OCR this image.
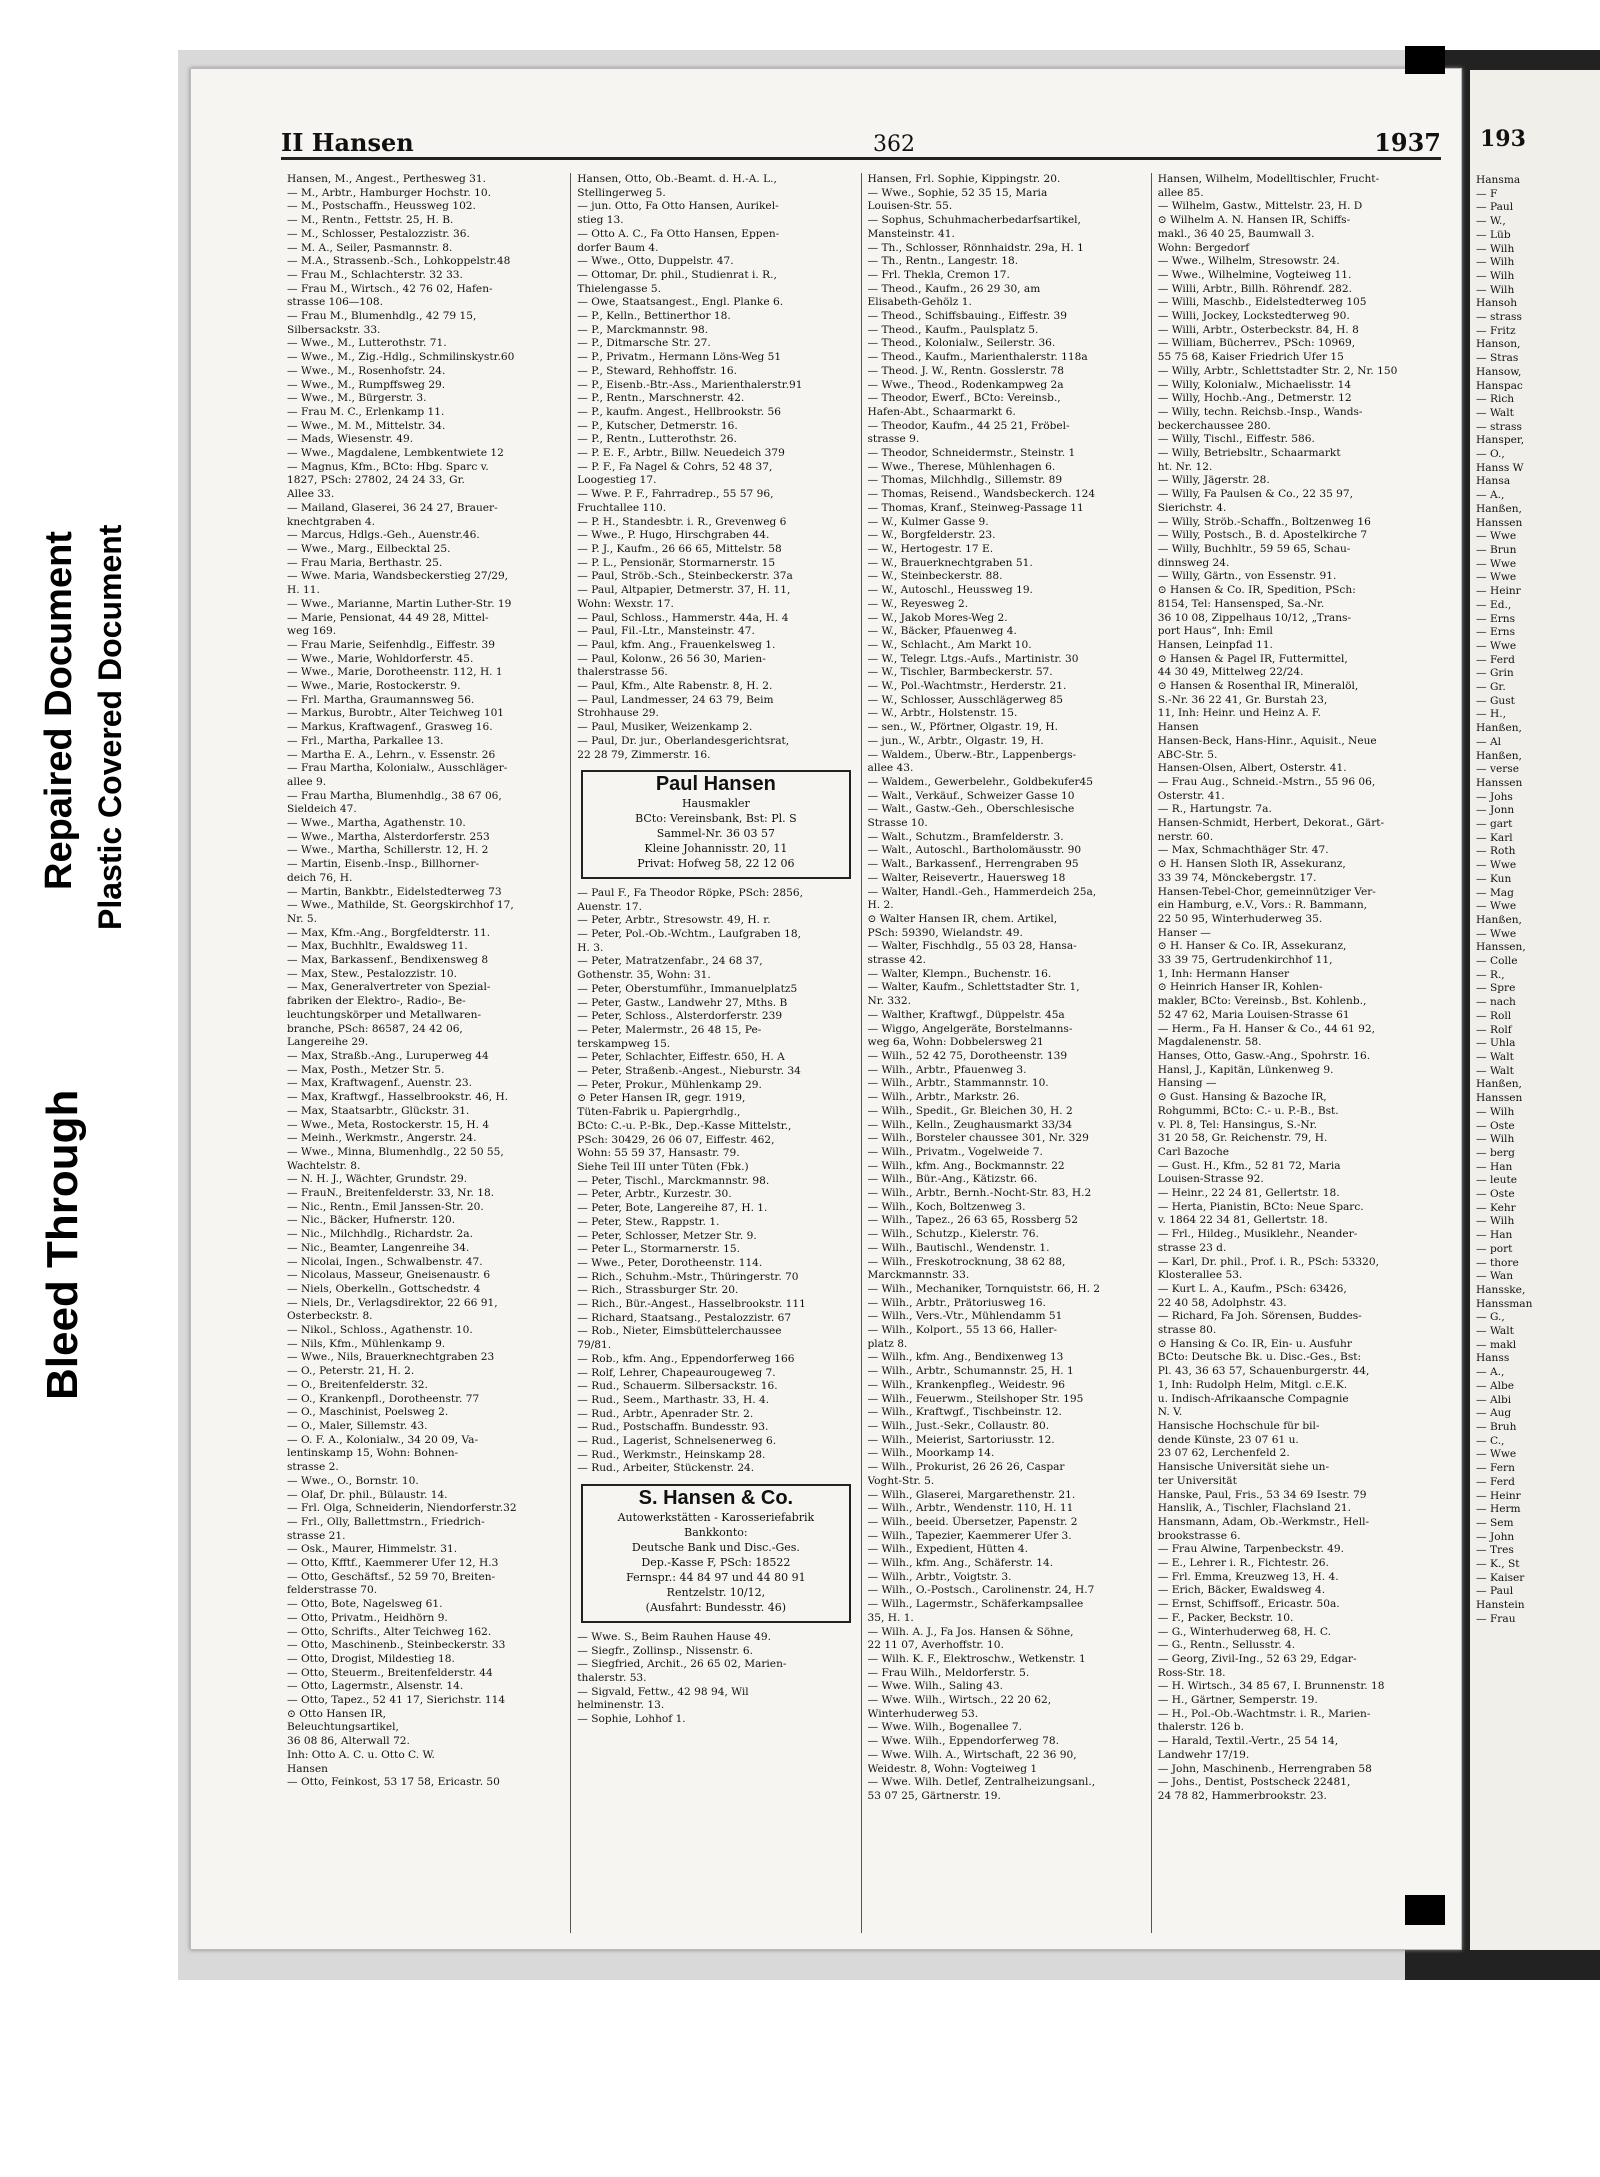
Bleed Through
Repaired Document Plastic Covered Document
193
Hansma
— F
— Paul
— W.,
— Lüb
— Wilh
— Wilh
— Wilh
— Wilh
Hansoh
— strass
— Fritz
Hanson,
— Stras
Hansow,
Hanspac
— Rich
— Walt
— strass
Hansper,
— O.,
Hanss W
Hansa
— A.,
Hanßen,
Hanssen
— Wwe
— Brun
— Wwe
— Wwe
— Heinr
— Ed.,
— Erns
— Erns
— Wwe
— Ferd
— Grin
— Gr.
— Gust
— H.,
Hanßen,
— Al
Hanßen,
— verse
Hanssen
— Johs
— Jonn
— gart
— Karl
— Roth
— Wwe
— Kun
— Mag
— Wwe
Hanßen,
— Wwe
Hanssen,
— Colle
— R.,
— Spre
— nach
— Roll
— Rolf
— Uhla
— Walt
— Walt
Hanßen,
Hanssen
— Wilh
— Oste
— Wilh
— berg
— Han
— leute
— Oste
— Kehr
— Wilh
— Han
— port
— thore
— Wan
Hansske,
Hanssman
— G.,
— Walt
— makl
Hanss
— A.,
— Albe
— Albi
— Aug
— Bruh
— C.,
— Wwe
— Fern
— Ferd
— Heinr
— Herm
— Sem
— John
— Tres
— K., St
— Kaiser
— Paul
Hanstein
— Frau
II Hansen	362	1937
Hansen, M., Angest., Perthesweg 31.
— M., Arbtr., Hamburger Hochstr. 10.
— M., Postschaffn., Heussweg 102.
— M., Rentn., Fettstr. 25, H. B.
— M., Schlosser, Pestalozzistr. 36.
— M. A., Seiler, Pasmannstr. 8.
— M.A., Strassenb.-Sch., Lohkoppelstr.48
— Frau M., Schlachterstr. 32 33.
— Frau M., Wirtsch., 42 76 02, Hafen-
strasse 106—108.
— Frau M., Blumenhdlg., 42 79 15,
Silbersackstr. 33.
— Wwe., M., Lutterothstr. 71.
— Wwe., M., Zig.-Hdlg., Schmilinskystr.60
— Wwe., M., Rosenhofstr. 24.
— Wwe., M., Rumpffsweg 29.
— Wwe., M., Bürgerstr. 3.
— Frau M. C., Erlenkamp 11.
— Wwe., M. M., Mittelstr. 34.
— Mads, Wiesenstr. 49.
— Wwe., Magdalene, Lembkentwiete 12
— Magnus, Kfm., BCto: Hbg. Sparc v.
1827, PSch: 27802, 24 24 33, Gr.
Allee 33.
— Mailand, Glaserei, 36 24 27, Brauer-
knechtgraben 4.
— Marcus, Hdlgs.-Geh., Auenstr.46.
— Wwe., Marg., Eilbecktal 25.
— Frau Maria, Berthastr. 25.
— Wwe. Maria, Wandsbeckerstieg 27/29,
H. 11.
— Wwe., Marianne, Martin Luther-Str. 19
— Marie, Pensionat, 44 49 28, Mittel-
weg 169.
— Frau Marie, Seifenhdlg., Eiffestr. 39
— Wwe., Marie, Wohldorferstr. 45.
— Wwe., Marie, Dorotheenstr. 112, H. 1
— Wwe., Marie, Rostockerstr. 9.
— Frl. Martha, Graumannsweg 56.
— Markus, Burobtr., Alter Teichweg 101
— Markus, Kraftwagenf., Grasweg 16.
— Frl., Martha, Parkallee 13.
— Martha E. A., Lehrn., v. Essenstr. 26
— Frau Martha, Kolonialw., Ausschläger-
allee 9.
— Frau Martha, Blumenhdlg., 38 67 06,
Sieldeich 47.
— Wwe., Martha, Agathenstr. 10.
— Wwe., Martha, Alsterdorferstr. 253
— Wwe., Martha, Schillerstr. 12, H. 2
— Martin, Eisenb.-Insp., Billhorner-
deich 76, H.
— Martin, Bankbtr., Eidelstedterweg 73
— Wwe., Mathilde, St. Georgskirchhof 17,
Nr. 5.
— Max, Kfm.-Ang., Borgfeldterstr. 11.
— Max, Buchhltr., Ewaldsweg 11.
— Max, Barkassenf., Bendixensweg 8
— Max, Stew., Pestalozzistr. 10.
— Max, Generalvertreter von Spezial-
fabriken der Elektro-, Radio-, Be-
leuchtungskörper und Metallwaren-
branche, PSch: 86587, 24 42 06,
Langereihe 29.
— Max, Straßb.-Ang., Luruperweg 44
— Max, Posth., Metzer Str. 5.
— Max, Kraftwagenf., Auenstr. 23.
— Max, Kraftwgf., Hasselbrookstr. 46, H.
— Max, Staatsarbtr., Glückstr. 31.
— Wwe., Meta, Rostockerstr. 15, H. 4
— Meinh., Werkmstr., Angerstr. 24.
— Wwe., Minna, Blumenhdlg., 22 50 55,
Wachtelstr. 8.
— N. H. J., Wächter, Grundstr. 29.
— FrauN., Breitenfelderstr. 33, Nr. 18.
— Nic., Rentn., Emil Janssen-Str. 20.
— Nic., Bäcker, Hufnerstr. 120.
— Nic., Milchhdlg., Richardstr. 2a.
— Nic., Beamter, Langenreihe 34.
— Nicolai, Ingen., Schwalbenstr. 47.
— Nicolaus, Masseur, Gneisenaustr. 6
— Niels, Oberkelln., Gottschedstr. 4
— Niels, Dr., Verlagsdirektor, 22 66 91,
Osterbeckstr. 8.
— Nikol., Schloss., Agathenstr. 10.
— Nils, Kfm., Mühlenkamp 9.
— Wwe., Nils, Brauerknechtgraben 23
— O., Peterstr. 21, H. 2.
— O., Breitenfelderstr. 32.
— O., Krankenpfl., Dorotheenstr. 77
— O., Maschinist, Poelsweg 2.
— O., Maler, Sillemstr. 43.
— O. F. A., Kolonialw., 34 20 09, Va-
lentinskamp 15, Wohn: Bohnen-
strasse 2.
— Wwe., O., Bornstr. 10.
— Olaf, Dr. phil., Bülaustr. 14.
— Frl. Olga, Schneiderin, Niendorferstr.32
— Frl., Olly, Ballettmstrn., Friedrich-
strasse 21.
— Osk., Maurer, Himmelstr. 31.
— Otto, Kfftf., Kaemmerer Ufer 12, H.3
— Otto, Geschäftsf., 52 59 70, Breiten-
felderstrasse 70.
— Otto, Bote, Nagelsweg 61.
— Otto, Privatm., Heidhörn 9.
— Otto, Schrifts., Alter Teichweg 162.
— Otto, Maschinenb., Steinbeckerstr. 33
— Otto, Drogist, Mildestieg 18.
— Otto, Steuerm., Breitenfelderstr. 44
— Otto, Lagermstr., Alsenstr. 14.
— Otto, Tapez., 52 41 17, Sierichstr. 114
⊙ Otto Hansen IR,
Beleuchtungsartikel,
36 08 86, Alterwall 72.
Inh: Otto A. C. u. Otto C. W.
Hansen
— Otto, Feinkost, 53 17 58, Ericastr. 50
Hansen, Otto, Ob.-Beamt. d. H.-A. L.,
Stellingerweg 5.
— jun. Otto, Fa Otto Hansen, Aurikel-
stieg 13.
— Otto A. C., Fa Otto Hansen, Eppen-
dorfer Baum 4.
— Wwe., Otto, Duppelstr. 47.
— Ottomar, Dr. phil., Studienrat i. R.,
Thielengasse 5.
— Owe, Staatsangest., Engl. Planke 6.
— P., Kelln., Bettinerthor 18.
— P., Marckmannstr. 98.
— P., Ditmarsche Str. 27.
— P., Privatm., Hermann Löns-Weg 51
— P., Steward, Rehhoffstr. 16.
— P., Eisenb.-Btr.-Ass., Marienthalerstr.91
— P., Rentn., Marschnerstr. 42.
— P., kaufm. Angest., Hellbrookstr. 56
— P., Kutscher, Detmerstr. 16.
— P., Rentn., Lutterothstr. 26.
— P. E. F., Arbtr., Billw. Neuedeich 379
— P. F., Fa Nagel & Cohrs, 52 48 37,
Loogestieg 17.
— Wwe. P. F., Fahrradrep., 55 57 96,
Fruchtallee 110.
— P. H., Standesbtr. i. R., Grevenweg 6
— Wwe., P. Hugo, Hirschgraben 44.
— P. J., Kaufm., 26 66 65, Mittelstr. 58
— P. L., Pensionär, Stormarnerstr. 15
— Paul, Ströb.-Sch., Steinbeckerstr. 37a
— Paul, Altpapier, Detmerstr. 37, H. 11,
Wohn: Wexstr. 17.
— Paul, Schloss., Hammerstr. 44a, H. 4
— Paul, Fil.-Ltr., Mansteinstr. 47.
— Paul, kfm. Ang., Frauenkelsweg 1.
— Paul, Kolonw., 26 56 30, Marien-
thalerstrasse 56.
— Paul, Kfm., Alte Rabenstr. 8, H. 2.
— Paul, Landmesser, 24 63 79, Beim
Strohhause 29.
— Paul, Musiker, Weizenkamp 2.
— Paul, Dr. jur., Oberlandesgerichtsrat,
22 28 79, Zimmerstr. 16.
Paul Hansen
Hausmakler
BCto: Vereinsbank, Bst: Pl. S
Sammel-Nr. 36 03 57
Kleine Johannisstr. 20, 11
Privat: Hofweg 58, 22 12 06
— Paul F., Fa Theodor Röpke, PSch: 2856,
Auenstr. 17.
— Peter, Arbtr., Stresowstr. 49, H. r.
— Peter, Pol.-Ob.-Wchtm., Laufgraben 18,
H. 3.
— Peter, Matratzenfabr., 24 68 37,
Gothenstr. 35, Wohn: 31.
— Peter, Oberstumführ., Immanuelplatz5
— Peter, Gastw., Landwehr 27, Mths. B
— Peter, Schloss., Alsterdorferstr. 239
— Peter, Malermstr., 26 48 15, Pe-
terskampweg 15.
— Peter, Schlachter, Eiffestr. 650, H. A
— Peter, Straßenb.-Angest., Nieburstr. 34
— Peter, Prokur., Mühlenkamp 29.
⊙ Peter Hansen IR, gegr. 1919,
Tüten-Fabrik u. Papiergrhdlg.,
BCto: C.-u. P.-Bk., Dep.-Kasse Mittelstr.,
PSch: 30429, 26 06 07, Eiffestr. 462,
Wohn: 55 59 37, Hansastr. 79.
Siehe Teil III unter Tüten (Fbk.)
— Peter, Tischl., Marckmannstr. 98.
— Peter, Arbtr., Kurzestr. 30.
— Peter, Bote, Langereihe 87, H. 1.
— Peter, Stew., Rappstr. 1.
— Peter, Schlosser, Metzer Str. 9.
— Peter L., Stormarnerstr. 15.
— Wwe., Peter, Dorotheenstr. 114.
— Rich., Schuhm.-Mstr., Thüringerstr. 70
— Rich., Strassburger Str. 20.
— Rich., Bür.-Angest., Hasselbrookstr. 111
— Richard, Staatsang., Pestalozzistr. 67
— Rob., Nieter, Eimsbüttelerchaussee
79/81.
— Rob., kfm. Ang., Eppendorferweg 166
— Rolf, Lehrer, Chapeaurougeweg 7.
— Rud., Schauerm. Silbersackstr. 16.
— Rud., Seem., Marthastr. 33, H. 4.
— Rud., Arbtr., Apenrader Str. 2.
— Rud., Postschaffn. Bundesstr. 93.
— Rud., Lagerist, Schnelsenerweg 6.
— Rud., Werkmstr., Heinskamp 28.
— Rud., Arbeiter, Stückenstr. 24.
S. Hansen & Co.
Autowerkstätten - Karosseriefabrik
Bankkonto:
Deutsche Bank und Disc.-Ges.
Dep.-Kasse F, PSch: 18522
Fernspr.: 44 84 97 und 44 80 91
Rentzelstr. 10/12,
(Ausfahrt: Bundesstr. 46)
— Wwe. S., Beim Rauhen Hause 49.
— Siegfr., Zollinsp., Nissenstr. 6.
— Siegfried, Archit., 26 65 02, Marien-
thalerstr. 53.
— Sigvald, Fettw., 42 98 94, Wil
helminenstr. 13.
— Sophie, Lohhof 1.
Hansen, Frl. Sophie, Kippingstr. 20.
— Wwe., Sophie, 52 35 15, Maria
Louisen-Str. 55.
— Sophus, Schuhmacherbedarfsartikel,
Mansteinstr. 41.
— Th., Schlosser, Rönnhaidstr. 29a, H. 1
— Th., Rentn., Langestr. 18.
— Frl. Thekla, Cremon 17.
— Theod., Kaufm., 26 29 30, am
Elisabeth-Gehölz 1.
— Theod., Schiffsbauing., Eiffestr. 39
— Theod., Kaufm., Paulsplatz 5.
— Theod., Kolonialw., Seilerstr. 36.
— Theod., Kaufm., Marienthalerstr. 118a
— Theod. J. W., Rentn. Gosslerstr. 78
— Wwe., Theod., Rodenkampweg 2a
— Theodor, Ewerf., BCto: Vereinsb.,
Hafen-Abt., Schaarmarkt 6.
— Theodor, Kaufm., 44 25 21, Fröbel-
strasse 9.
— Theodor, Schneidermstr., Steinstr. 1
— Wwe., Therese, Mühlenhagen 6.
— Thomas, Milchhdlg., Sillemstr. 89
— Thomas, Reisend., Wandsbeckerch. 124
— Thomas, Kranf., Steinweg-Passage 11
— W., Kulmer Gasse 9.
— W., Borgfelderstr. 23.
— W., Hertogestr. 17 E.
— W., Brauerknechtgraben 51.
— W., Steinbeckerstr. 88.
— W., Autoschl., Heussweg 19.
— W., Reyesweg 2.
— W., Jakob Mores-Weg 2.
— W., Bäcker, Pfauenweg 4.
— W., Schlacht., Am Markt 10.
— W., Telegr. Ltgs.-Aufs., Martinistr. 30
— W., Tischler, Barmbeckerstr. 57.
— W., Pol.-Wachtmstr., Herderstr. 21.
— W., Schlosser, Ausschlägerweg 85
— W., Arbtr., Holstenstr. 15.
— sen., W., Pförtner, Olgastr. 19, H.
— jun., W., Arbtr., Olgastr. 19, H.
— Waldem., Überw.-Btr., Lappenbergs-
allee 43.
— Waldem., Gewerbelehr., Goldbekufer45
— Walt., Verkäuf., Schweizer Gasse 10
— Walt., Gastw.-Geh., Oberschlesische
Strasse 10.
— Walt., Schutzm., Bramfelderstr. 3.
— Walt., Autoschl., Bartholomäusstr. 90
— Walt., Barkassenf., Herrengraben 95
— Walter, Reisevertr., Hauersweg 18
— Walter, Handl.-Geh., Hammerdeich 25a,
H. 2.
⊙ Walter Hansen IR, chem. Artikel,
PSch: 59390, Wielandstr. 49.
— Walter, Fischhdlg., 55 03 28, Hansa-
strasse 42.
— Walter, Klempn., Buchenstr. 16.
— Walter, Kaufm., Schlettstadter Str. 1,
Nr. 332.
— Walther, Kraftwgf., Düppelstr. 45a
— Wiggo, Angelgeräte, Borstelmanns-
weg 6a, Wohn: Dobbelersweg 21
— Wilh., 52 42 75, Dorotheenstr. 139
— Wilh., Arbtr., Pfauenweg 3.
— Wilh., Arbtr., Stammannstr. 10.
— Wilh., Arbtr., Markstr. 26.
— Wilh., Spedit., Gr. Bleichen 30, H. 2
— Wilh., Kelln., Zeughausmarkt 33/34
— Wilh., Borsteler chaussee 301, Nr. 329
— Wilh., Privatm., Vogelweide 7.
— Wilh., kfm. Ang., Bockmannstr. 22
— Wilh., Bür.-Ang., Kätizstr. 66.
— Wilh., Arbtr., Bernh.-Nocht-Str. 83, H.2
— Wilh., Koch, Boltzenweg 3.
— Wilh., Tapez., 26 63 65, Rossberg 52
— Wilh., Schutzp., Kielerstr. 76.
— Wilh., Bautischl., Wendenstr. 1.
— Wilh., Freskotrocknung, 38 62 88,
Marckmannstr. 33.
— Wilh., Mechaniker, Tornquiststr. 66, H. 2
— Wilh., Arbtr., Prätoriusweg 16.
— Wilh., Vers.-Vtr., Mühlendamm 51
— Wilh., Kolport., 55 13 66, Haller-
platz 8.
— Wilh., kfm. Ang., Bendixenweg 13
— Wilh., Arbtr., Schumannstr. 25, H. 1
— Wilh., Krankenpfleg., Weidestr. 96
— Wilh., Feuerwm., Steilshoper Str. 195
— Wilh., Kraftwgf., Tischbeinstr. 12.
— Wilh., Just.-Sekr., Collaustr. 80.
— Wilh., Meierist, Sartoriusstr. 12.
— Wilh., Moorkamp 14.
— Wilh., Prokurist, 26 26 26, Caspar
Voght-Str. 5.
— Wilh., Glaserei, Margarethenstr. 21.
— Wilh., Arbtr., Wendenstr. 110, H. 11
— Wilh., beeid. Übersetzer, Papenstr. 2
— Wilh., Tapezier, Kaemmerer Ufer 3.
— Wilh., Expedient, Hütten 4.
— Wilh., kfm. Ang., Schäferstr. 14.
— Wilh., Arbtr., Voigtstr. 3.
— Wilh., O.-Postsch., Carolinenstr. 24, H.7
— Wilh., Lagermstr., Schäferkampsallee
35, H. 1.
— Wilh. A. J., Fa Jos. Hansen & Söhne,
22 11 07, Averhoffstr. 10.
— Wilh. K. F., Elektroschw., Wetkenstr. 1
— Frau Wilh., Meldorferstr. 5.
— Wwe. Wilh., Saling 43.
— Wwe. Wilh., Wirtsch., 22 20 62,
Winterhuderweg 53.
— Wwe. Wilh., Bogenallee 7.
— Wwe. Wilh., Eppendorferweg 78.
— Wwe. Wilh. A., Wirtschaft, 22 36 90,
Weidestr. 8, Wohn: Vogteiweg 1
— Wwe. Wilh. Detlef, Zentralheizungsanl.,
53 07 25, Gärtnerstr. 19.
Hansen, Wilhelm, Modelltischler, Frucht-
allee 85.
— Wilhelm, Gastw., Mittelstr. 23, H. D
⊙ Wilhelm A. N. Hansen IR, Schiffs-
makl., 36 40 25, Baumwall 3.
Wohn: Bergedorf
— Wwe., Wilhelm, Stresowstr. 24.
— Wwe., Wilhelmine, Vogteiweg 11.
— Willi, Arbtr., Billh. Röhrendf. 282.
— Willi, Maschb., Eidelstedterweg 105
— Willi, Jockey, Lockstedterweg 90.
— Willi, Arbtr., Osterbeckstr. 84, H. 8
— William, Bücherrev., PSch: 10969,
55 75 68, Kaiser Friedrich Ufer 15
— Willy, Arbtr., Schlettstadter Str. 2, Nr. 150
— Willy, Kolonialw., Michaelisstr. 14
— Willy, Hochb.-Ang., Detmerstr. 12
— Willy, techn. Reichsb.-Insp., Wands-
beckerchaussee 280.
— Willy, Tischl., Eiffestr. 586.
— Willy, Betriebsltr., Schaarmarkt
ht. Nr. 12.
— Willy, Jägerstr. 28.
— Willy, Fa Paulsen & Co., 22 35 97,
Sierichstr. 4.
— Willy, Ströb.-Schaffn., Boltzenweg 16
— Willy, Postsch., B. d. Apostelkirche 7
— Willy, Buchhltr., 59 59 65, Schau-
dinnsweg 24.
— Willy, Gärtn., von Essenstr. 91.
⊙ Hansen & Co. IR, Spedition, PSch:
8154, Tel: Hansensped, Sa.-Nr.
36 10 08, Zippelhaus 10/12, „Trans-
port Haus“, Inh: Emil
Hansen, Leinpfad 11.
⊙ Hansen & Pagel IR, Futtermittel,
44 30 49, Mittelweg 22/24.
⊙ Hansen & Rosenthal IR, Mineralöl,
S.-Nr. 36 22 41, Gr. Burstah 23,
11, Inh: Heinr. und Heinz A. F.
Hansen
Hansen-Beck, Hans-Hinr., Aquisit., Neue
ABC-Str. 5.
Hansen-Olsen, Albert, Osterstr. 41.
— Frau Aug., Schneid.-Mstrn., 55 96 06,
Osterstr. 41.
— R., Hartungstr. 7a.
Hansen-Schmidt, Herbert, Dekorat., Gärt-
nerstr. 60.
— Max, Schmachthäger Str. 47.
⊙ H. Hansen Sloth IR, Assekuranz,
33 39 74, Mönckebergstr. 17.
Hansen-Tebel-Chor, gemeinnütziger Ver-
ein Hamburg, e.V., Vors.: R. Bammann,
22 50 95, Winterhuderweg 35.
Hanser —
⊙ H. Hanser & Co. IR, Assekuranz,
33 39 75, Gertrudenkirchhof 11,
1, Inh: Hermann Hanser
⊙ Heinrich Hanser IR, Kohlen-
makler, BCto: Vereinsb., Bst. Kohlenb.,
52 47 62, Maria Louisen-Strasse 61
— Herm., Fa H. Hanser & Co., 44 61 92,
Magdalenenstr. 58.
Hanses, Otto, Gasw.-Ang., Spohrstr. 16.
Hansl, J., Kapitän, Lünkenweg 9.
Hansing —
⊙ Gust. Hansing & Bazoche IR,
Rohgummi, BCto: C.- u. P.-B., Bst.
v. Pl. 8, Tel: Hansingus, S.-Nr.
31 20 58, Gr. Reichenstr. 79, H.
Carl Bazoche
— Gust. H., Kfm., 52 81 72, Maria
Louisen-Strasse 92.
— Heinr., 22 24 81, Gellertstr. 18.
— Herta, Pianistin, BCto: Neue Sparc.
v. 1864 22 34 81, Gellertstr. 18.
— Frl., Hildeg., Musiklehr., Neander-
strasse 23 d.
— Karl, Dr. phil., Prof. i. R., PSch: 53320,
Klosterallee 53.
— Kurt L. A., Kaufm., PSch: 63426,
22 40 58, Adolphstr. 43.
— Richard, Fa Joh. Sörensen, Buddes-
strasse 80.
⊙ Hansing & Co. IR, Ein- u. Ausfuhr
BCto: Deutsche Bk. u. Disc.-Ges., Bst:
Pl. 43, 36 63 57, Schauenburgerstr. 44,
1, Inh: Rudolph Helm, Mitgl. c.E.K.
u. Indisch-Afrikaansche Compagnie
N. V.
Hansische Hochschule für bil-
dende Künste, 23 07 61 u.
23 07 62, Lerchenfeld 2.
Hansische Universität siehe un-
ter Universität
Hanske, Paul, Fris., 53 34 69 Isestr. 79
Hanslik, A., Tischler, Flachsland 21.
Hansmann, Adam, Ob.-Werkmstr., Hell-
brookstrasse 6.
— Frau Alwine, Tarpenbeckstr. 49.
— E., Lehrer i. R., Fichtestr. 26.
— Frl. Emma, Kreuzweg 13, H. 4.
— Erich, Bäcker, Ewaldsweg 4.
— Ernst, Schiffsoff., Ericastr. 50a.
— F., Packer, Beckstr. 10.
— G., Winterhuderweg 68, H. C.
— G., Rentn., Sellusstr. 4.
— Georg, Zivil-Ing., 52 63 29, Edgar-
Ross-Str. 18.
— H. Wirtsch., 34 85 67, I. Brunnenstr. 18
— H., Gärtner, Semperstr. 19.
— H., Pol.-Ob.-Wachtmstr. i. R., Marien-
thalerstr. 126 b.
— Harald, Textil.-Vertr., 25 54 14,
Landwehr 17/19.
— John, Maschinenb., Herrengraben 58
— Johs., Dentist, Postscheck 22481,
24 78 82, Hammerbrookstr. 23.
